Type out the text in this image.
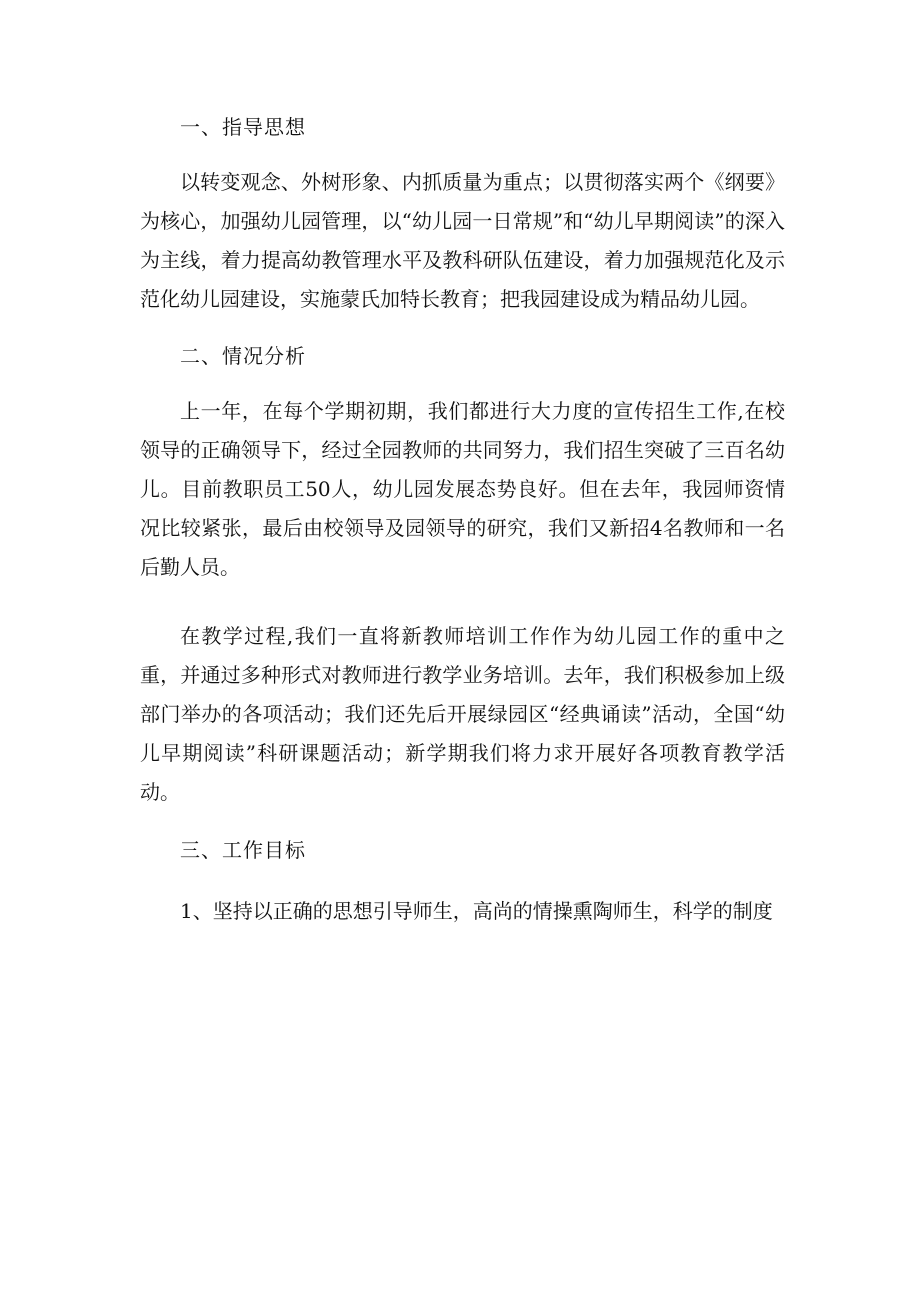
一、指导思想

以转变观念、外树形象、内抓质量为重点；以贯彻落实两个《纲要》为核心，加强幼儿园管理，以“幼儿园一日常规”和“幼儿早期阅读”的深入为主线，着力提高幼教管理水平及教科研队伍建设，着力加强规范化及示范化幼儿园建设，实施蒙氏加特长教育；把我园建设成为精品幼儿园。

二、情况分析

上一年，在每个学期初期，我们都进行大力度的宣传招生工作,在校领导的正确领导下，经过全园教师的共同努力，我们招生突破了三百名幼儿。目前教职员工50人，幼儿园发展态势良好。但在去年，我园师资情况比较紧张，最后由校领导及园领导的研究，我们又新招4名教师和一名后勤人员。

在教学过程,我们一直将新教师培训工作作为幼儿园工作的重中之重，并通过多种形式对教师进行教学业务培训。去年，我们积极参加上级部门举办的各项活动；我们还先后开展绿园区“经典诵读”活动，全国“幼儿早期阅读”科研课题活动；新学期我们将力求开展好各项教育教学活动。

三、工作目标

1、坚持以正确的思想引导师生，高尚的情操熏陶师生，科学的制度
